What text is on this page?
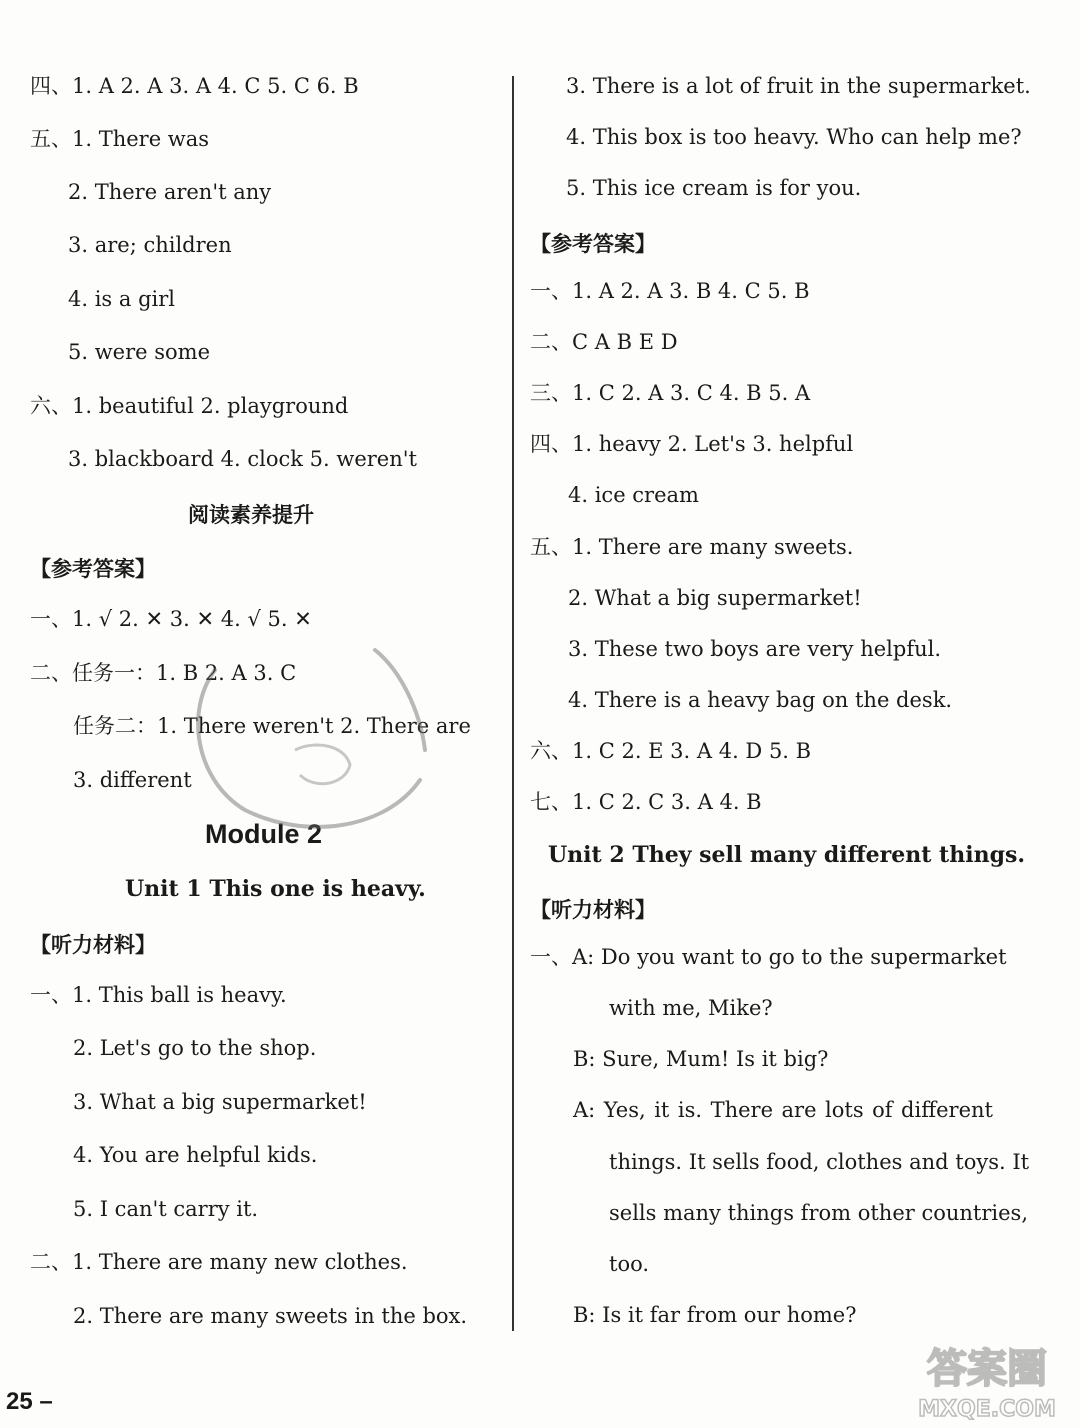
四、1. A 2. A 3. A 4. C 5. C 6. B
五、1. There was
2. There aren't any
3. are; children
4. is a girl
5. were some
六、1. beautiful 2. playground
3. blackboard 4. clock 5. weren't
阅读素养提升
【参考答案】
一、1. √ 2. ✕ 3. ✕ 4. √ 5. ✕
二、任务一：1. B 2. A 3. C
任务二：1. There weren't 2. There are
3. different
Module 2
Unit 1 This one is heavy.
【听力材料】
一、1. This ball is heavy.
2. Let's go to the shop.
3. What a big supermarket!
4. You are helpful kids.
5. I can't carry it.
二、1. There are many new clothes.
2. There are many sweets in the box.
3. There is a lot of fruit in the supermarket.
4. This box is too heavy. Who can help me?
5. This ice cream is for you.
【参考答案】
一、1. A 2. A 3. B 4. C 5. B
二、C A B E D
三、1. C 2. A 3. C 4. B 5. A
四、1. heavy 2. Let's 3. helpful
4. ice cream
五、1. There are many sweets.
2. What a big supermarket!
3. These two boys are very helpful.
4. There is a heavy bag on the desk.
六、1. C 2. E 3. A 4. D 5. B
七、1. C 2. C 3. A 4. B
Unit 2 They sell many different things.
【听力材料】
一、A: Do you want to go to the supermarket
with me, Mike?
B: Sure, Mum! Is it big?
A: Yes, it is. There are lots of different
things. It sells food, clothes and toys. It
sells many things from other countries,
too.
B: Is it far from our home?
25 –
答案圈
MXQE.COM
